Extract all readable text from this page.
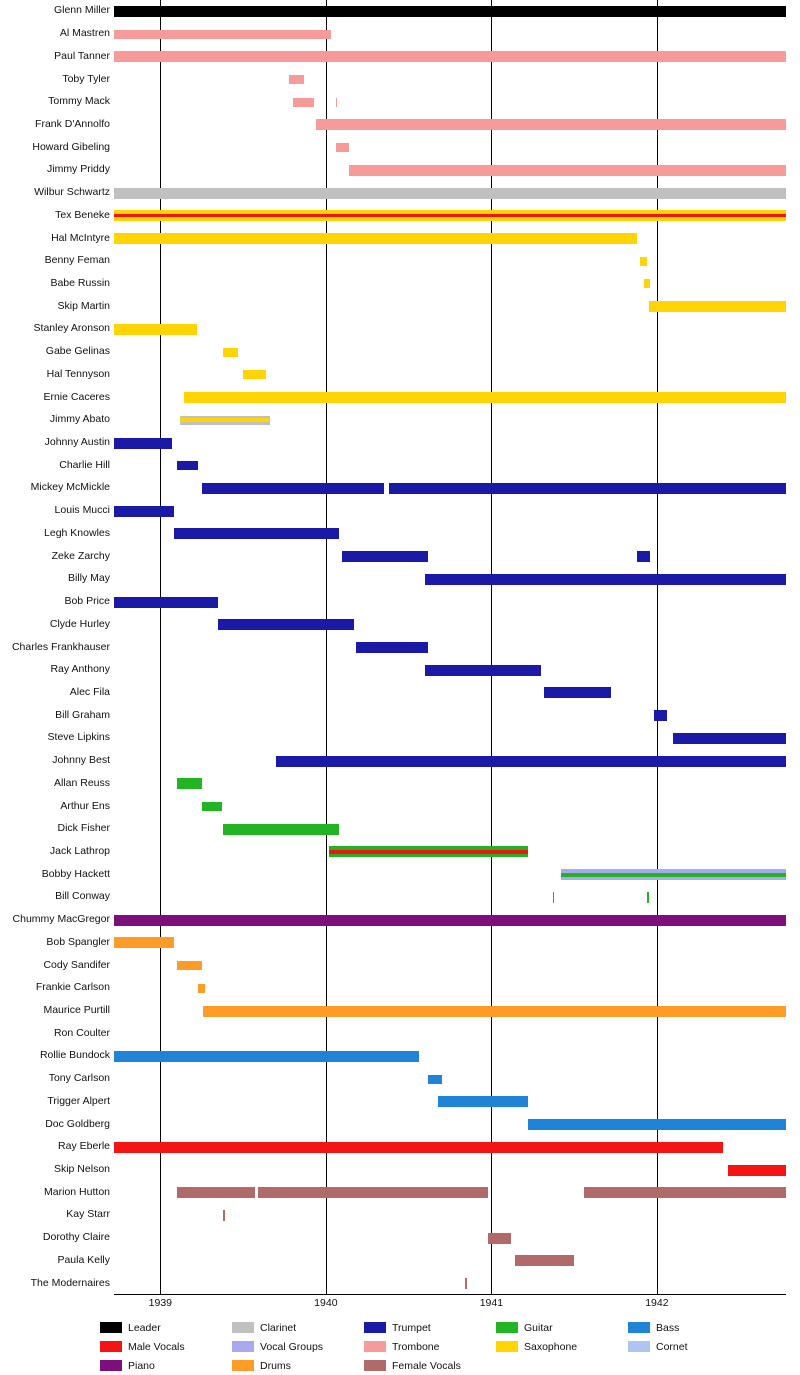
Glenn Miller
Al Mastren
Paul Tanner
Toby Tyler
Tommy Mack
Frank D'Annolfo
Howard Gibeling
Jimmy Priddy
Wilbur Schwartz
Tex Beneke
Hal McIntyre
Benny Feman
Babe Russin
Skip Martin
Stanley Aronson
Gabe Gelinas
Hal Tennyson
Ernie Caceres
Jimmy Abato
Johnny Austin
Charlie Hill
Mickey McMickle
Louis Mucci
Legh Knowles
Zeke Zarchy
Billy May
Bob Price
Clyde Hurley
Charles Frankhauser
Ray Anthony
Alec Fila
Bill Graham
Steve Lipkins
Johnny Best
Allan Reuss
Arthur Ens
Dick Fisher
Jack Lathrop
Bobby Hackett
Bill Conway
Chummy MacGregor
Bob Spangler
Cody Sandifer
Frankie Carlson
Maurice Purtill
Ron Coulter
Rollie Bundock
Tony Carlson
Trigger Alpert
Doc Goldberg
Ray Eberle
Skip Nelson
Marion Hutton
Kay Starr
Dorothy Claire
Paula Kelly
The Modernaires
Leader	Clarinet	Trumpet	Guitar	Bass
Male Vocals	Vocal Groups	Trombone	Saxophone	Cornet
Piano	Drums	Female Vocals
1939	1940	1941	1942
